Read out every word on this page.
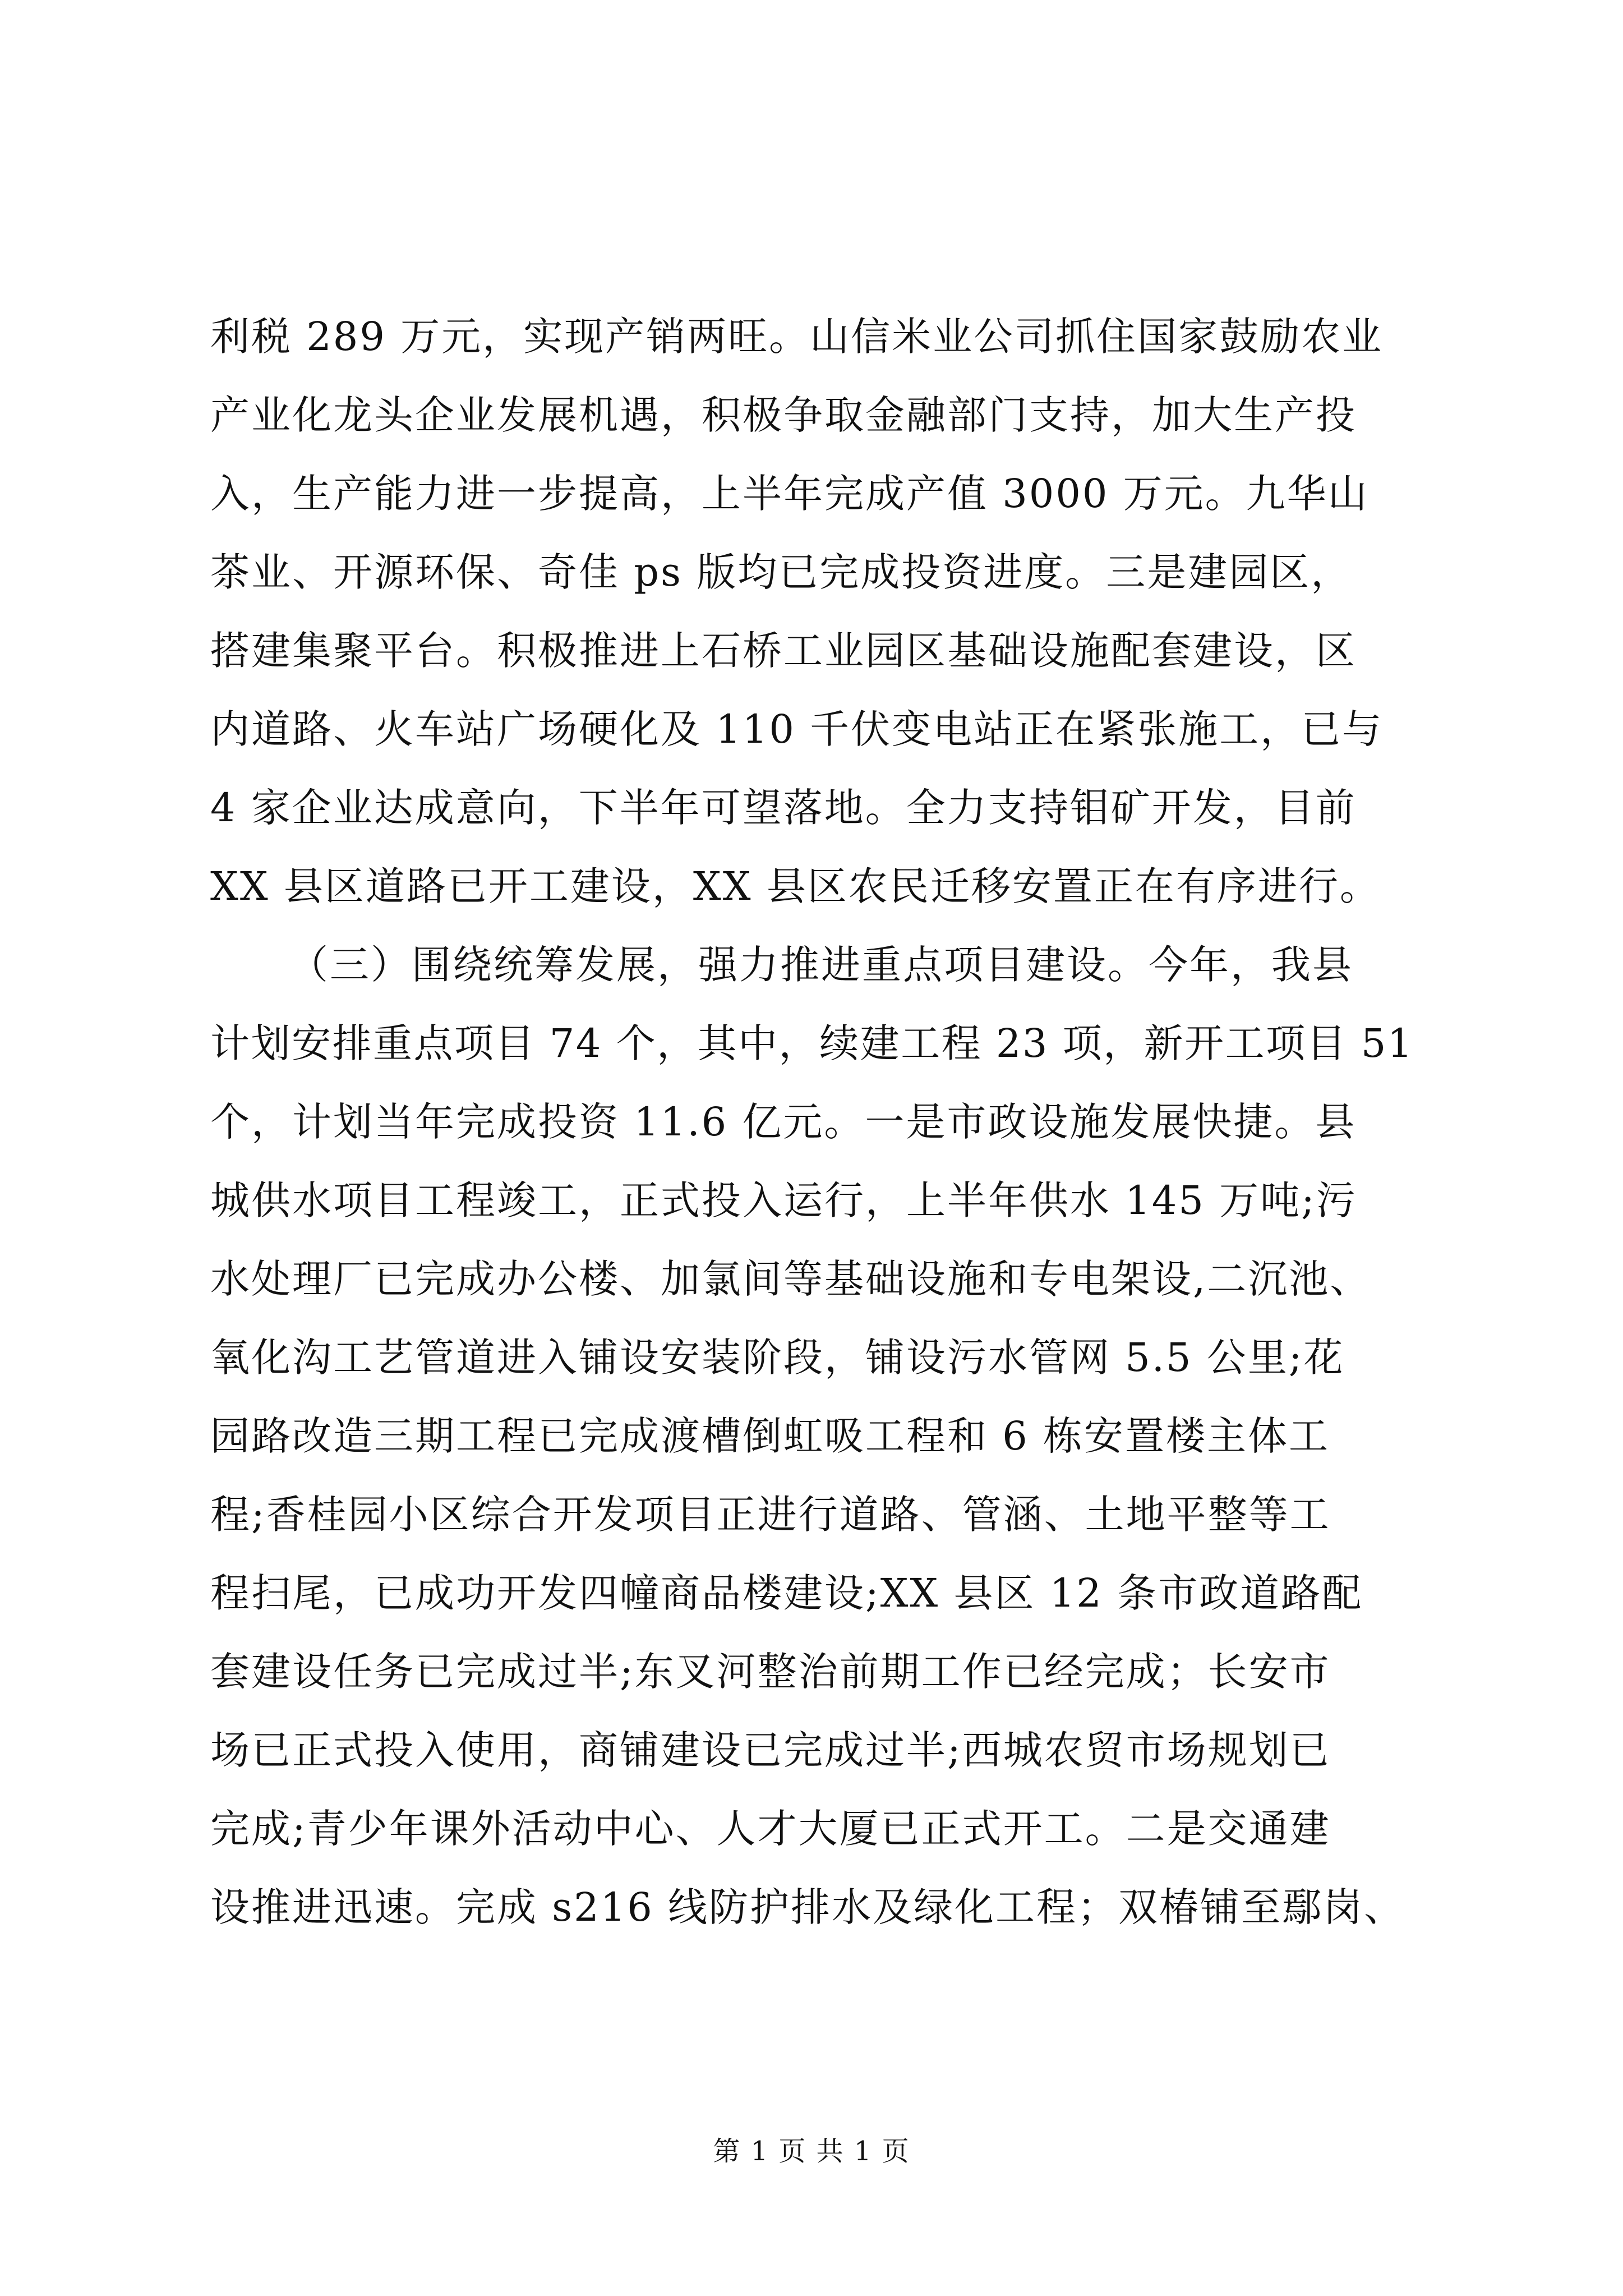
利税 289 万元，实现产销两旺。山信米业公司抓住国家鼓励农业
产业化龙头企业发展机遇，积极争取金融部门支持，加大生产投
入，生产能力进一步提高，上半年完成产值 3000 万元。九华山
茶业、开源环保、奇佳 ps 版均已完成投资进度。三是建园区，
搭建集聚平台。积极推进上石桥工业园区基础设施配套建设，区
内道路、火车站广场硬化及 110 千伏变电站正在紧张施工，已与
4 家企业达成意向，下半年可望落地。全力支持钼矿开发，目前
XX 县区道路已开工建设，XX 县区农民迁移安置正在有序进行。
（三）围绕统筹发展，强力推进重点项目建设。今年，我县
计划安排重点项目 74 个，其中，续建工程 23 项，新开工项目 51
个，计划当年完成投资 11.6 亿元。一是市政设施发展快捷。县
城供水项目工程竣工，正式投入运行，上半年供水 145 万吨;污
水处理厂已完成办公楼、加氯间等基础设施和专电架设,二沉池、
氧化沟工艺管道进入铺设安装阶段，铺设污水管网 5.5 公里;花
园路改造三期工程已完成渡槽倒虹吸工程和 6 栋安置楼主体工
程;香桂园小区综合开发项目正进行道路、管涵、土地平整等工
程扫尾，已成功开发四幢商品楼建设;XX 县区 12 条市政道路配
套建设任务已完成过半;东叉河整治前期工作已经完成；长安市
场已正式投入使用，商铺建设已完成过半;西城农贸市场规划已
完成;青少年课外活动中心、人才大厦已正式开工。二是交通建
设推进迅速。完成 s216 线防护排水及绿化工程；双椿铺至鄢岗、
第 1 页 共 1 页
